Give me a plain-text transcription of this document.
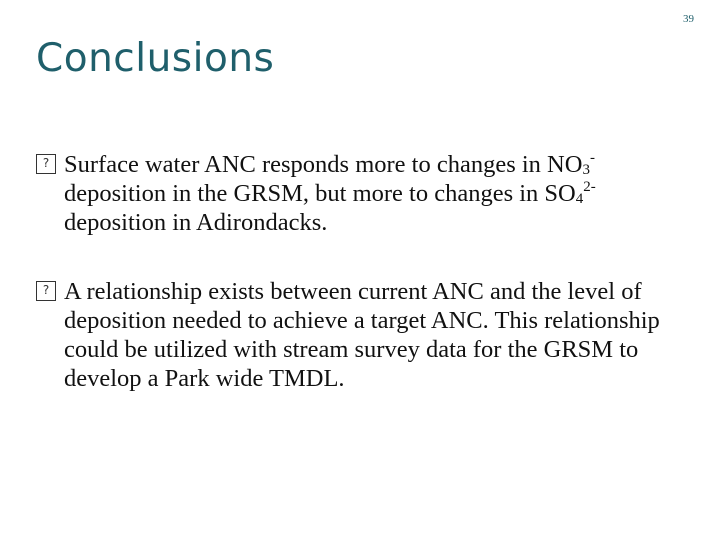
39
Conclusions
? Surface water ANC responds more to changes in $NO_3^-$ deposition in the GRSM, but more to changes in $SO_4^{2-}$ deposition in Adirondacks.
? A relationship exists between current ANC and the level of deposition needed to achieve a target ANC. This relationship could be utilized with stream survey data for the GRSM to develop a Park wide TMDL.
